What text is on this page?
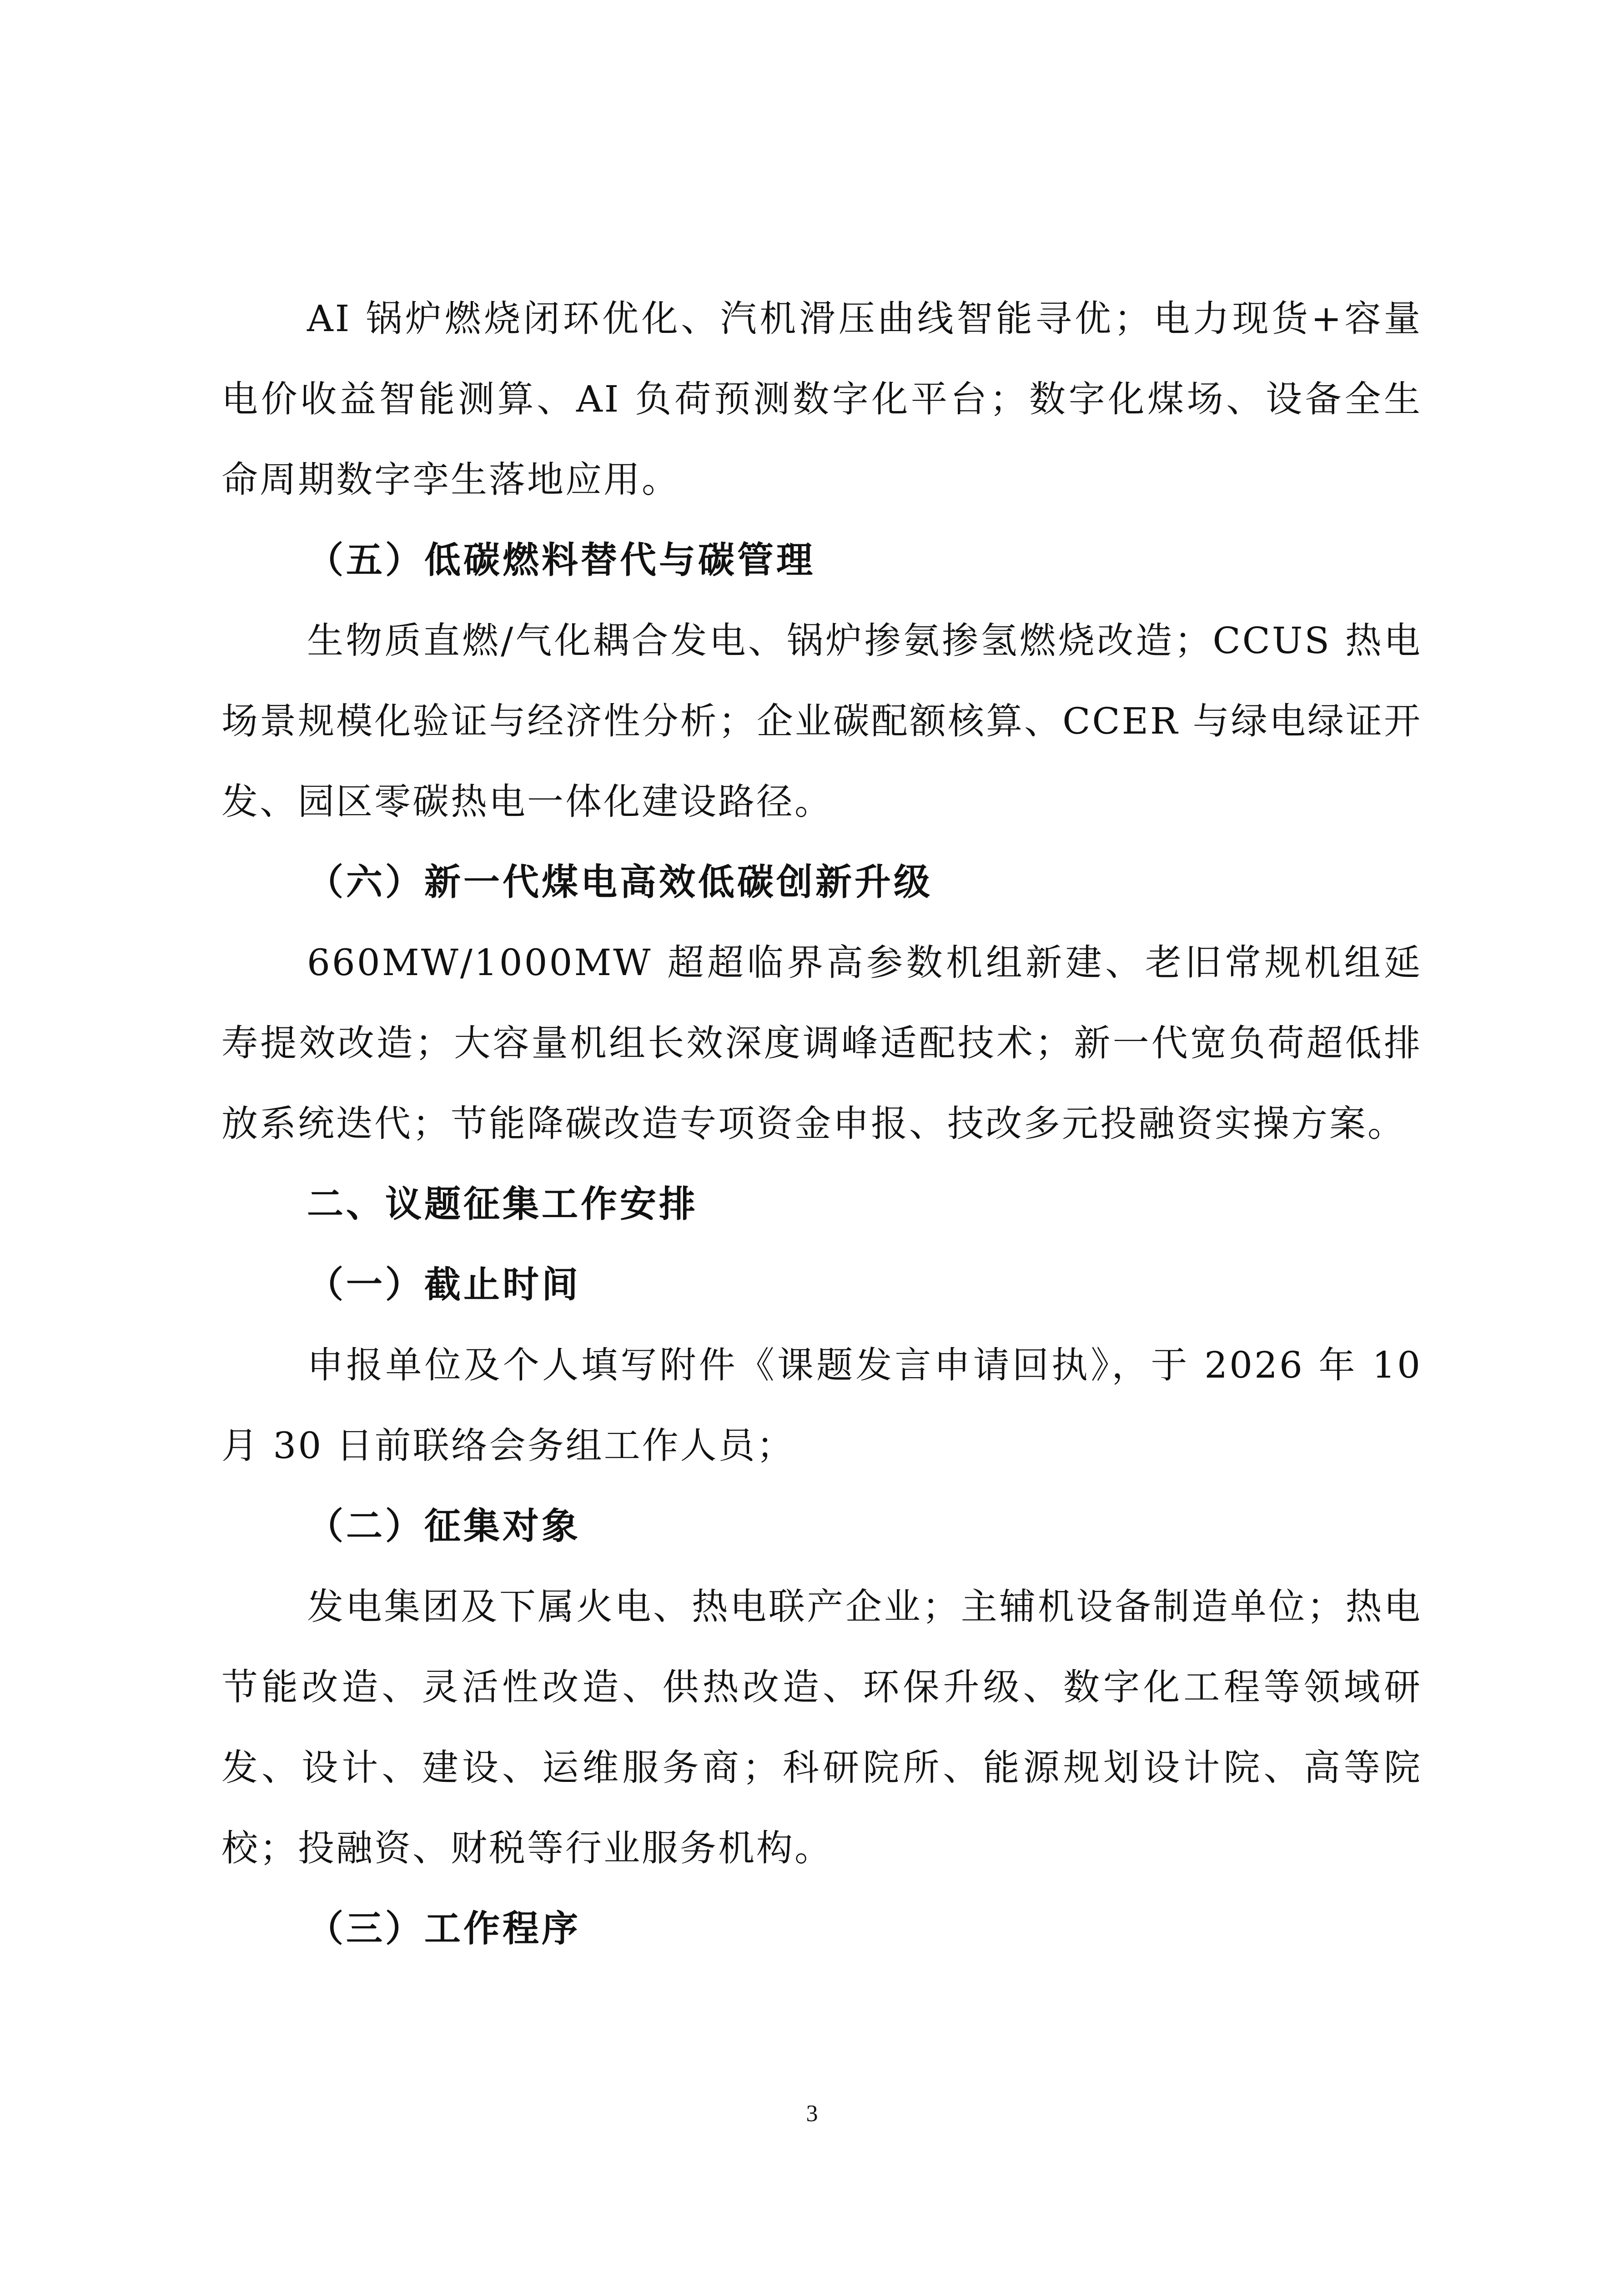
AI 锅炉燃烧闭环优化、汽机滑压曲线智能寻优；电力现货+容量电价收益智能测算、AI 负荷预测数字化平台；数字化煤场、设备全生命周期数字孪生落地应用。

（五）低碳燃料替代与碳管理

生物质直燃/气化耦合发电、锅炉掺氨掺氢燃烧改造；CCUS 热电场景规模化验证与经济性分析；企业碳配额核算、CCER 与绿电绿证开发、园区零碳热电一体化建设路径。

（六）新一代煤电高效低碳创新升级

660MW/1000MW 超超临界高参数机组新建、老旧常规机组延寿提效改造；大容量机组长效深度调峰适配技术；新一代宽负荷超低排放系统迭代；节能降碳改造专项资金申报、技改多元投融资实操方案。

二、议题征集工作安排

（一）截止时间

申报单位及个人填写附件《课题发言申请回执》，于 2026 年 10 月 30 日前联络会务组工作人员；

（二）征集对象

发电集团及下属火电、热电联产企业；主辅机设备制造单位；热电节能改造、灵活性改造、供热改造、环保升级、数字化工程等领域研发、设计、建设、运维服务商；科研院所、能源规划设计院、高等院校；投融资、财税等行业服务机构。

（三）工作程序

3
